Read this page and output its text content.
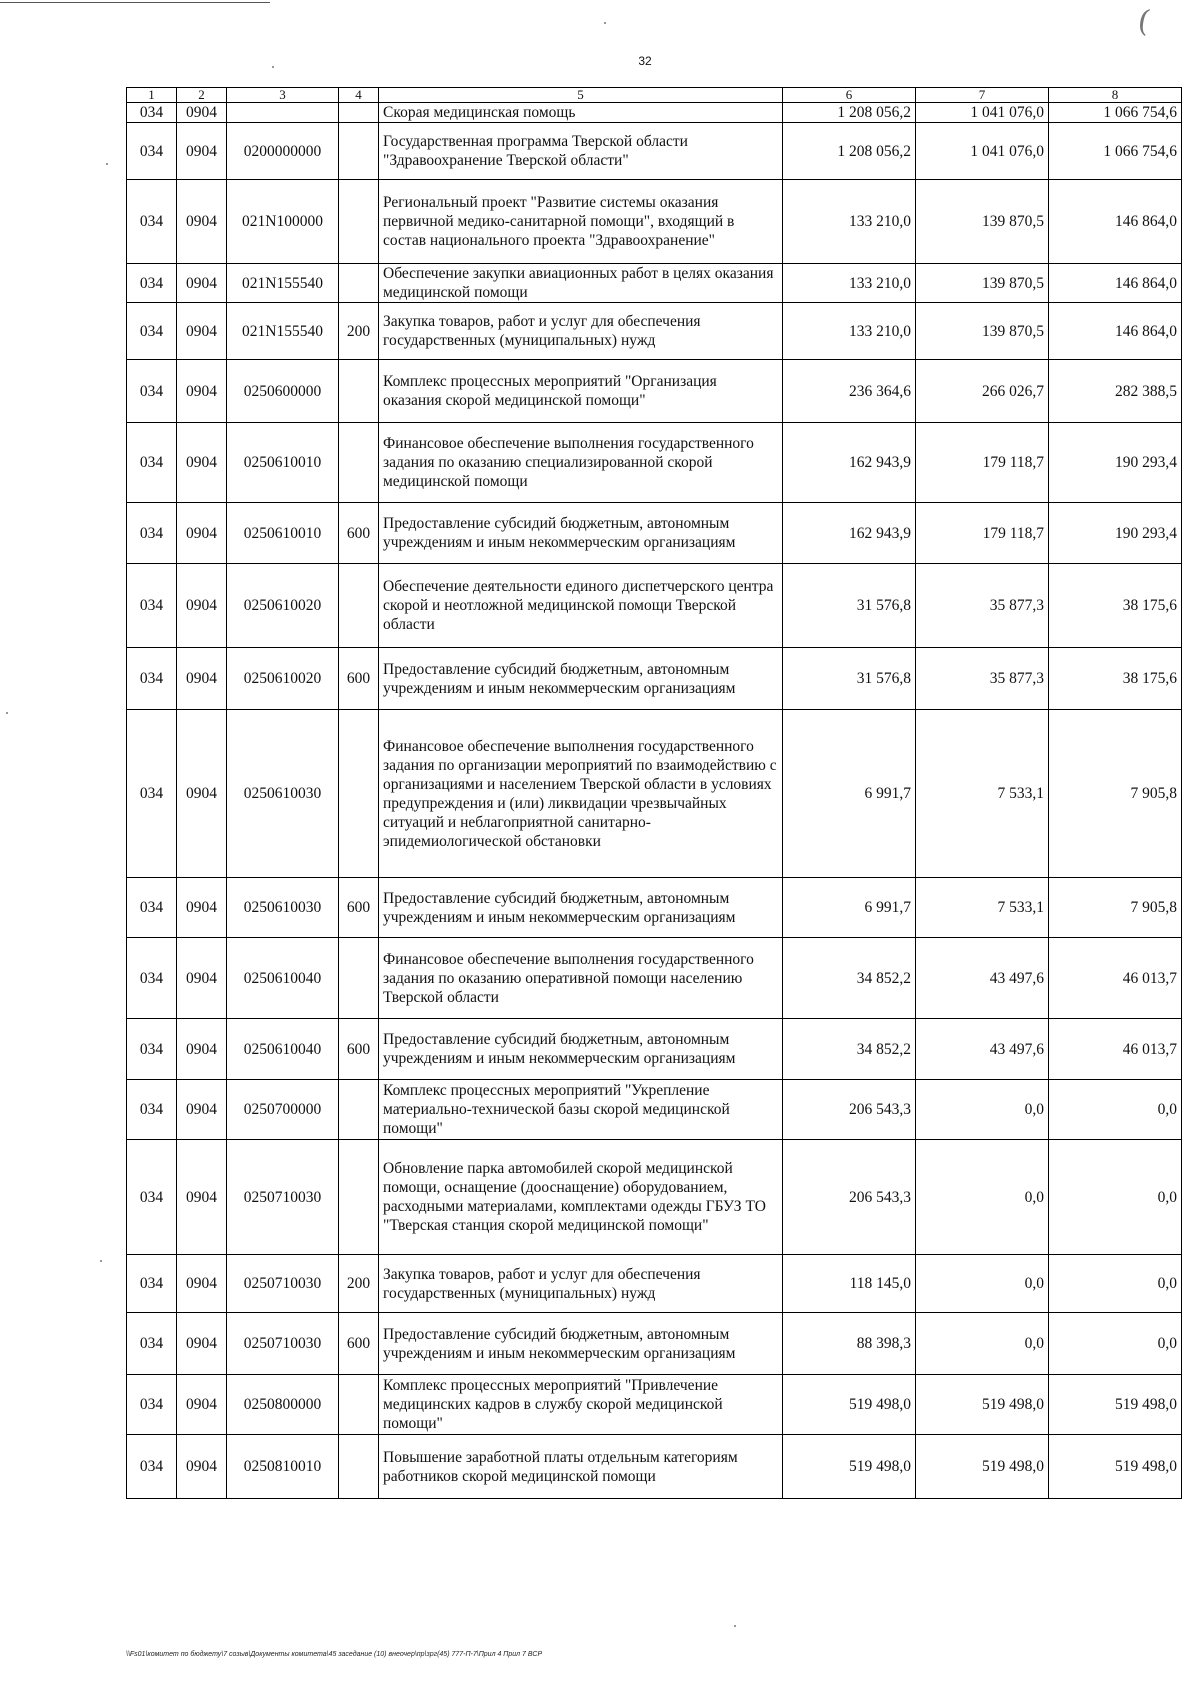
(
32
1	2	3	4	5	6	7	8
034	0904			Скорая медицинская помощь	1 208 056,2	1 041 076,0	1 066 754,6
034	0904	0200000000		Государственная программа Тверской области "Здравоохранение Тверской области"	1 208 056,2	1 041 076,0	1 066 754,6
034	0904	021N100000		Региональный проект "Развитие системы оказания первичной медико-санитарной помощи", входящий в состав национального проекта "Здравоохранение"	133 210,0	139 870,5	146 864,0
034	0904	021N155540		Обеспечение закупки авиационных работ в целях оказания медицинской помощи	133 210,0	139 870,5	146 864,0
034	0904	021N155540	200	Закупка товаров, работ и услуг для обеспечения государственных (муниципальных) нужд	133 210,0	139 870,5	146 864,0
034	0904	0250600000		Комплекс процессных мероприятий "Организация оказания скорой медицинской помощи"	236 364,6	266 026,7	282 388,5
034	0904	0250610010		Финансовое обеспечение выполнения государственного задания по оказанию специализированной скорой медицинской помощи	162 943,9	179 118,7	190 293,4
034	0904	0250610010	600	Предоставление субсидий бюджетным, автономным учреждениям и иным некоммерческим организациям	162 943,9	179 118,7	190 293,4
034	0904	0250610020		Обеспечение деятельности единого диспетчерского центра скорой и неотложной медицинской помощи Тверской области	31 576,8	35 877,3	38 175,6
034	0904	0250610020	600	Предоставление субсидий бюджетным, автономным учреждениям и иным некоммерческим организациям	31 576,8	35 877,3	38 175,6
034	0904	0250610030		Финансовое обеспечение выполнения государственного задания по организации мероприятий по взаимодействию с организациями и населением Тверской области в условиях предупреждения и (или) ликвидации чрезвычайных ситуаций и неблагоприятной санитарно-эпидемиологической обстановки	6 991,7	7 533,1	7 905,8
034	0904	0250610030	600	Предоставление субсидий бюджетным, автономным учреждениям и иным некоммерческим организациям	6 991,7	7 533,1	7 905,8
034	0904	0250610040		Финансовое обеспечение выполнения государственного задания по оказанию оперативной помощи населению Тверской области	34 852,2	43 497,6	46 013,7
034	0904	0250610040	600	Предоставление субсидий бюджетным, автономным учреждениям и иным некоммерческим организациям	34 852,2	43 497,6	46 013,7
034	0904	0250700000		Комплекс процессных мероприятий "Укрепление материально-технической базы скорой медицинской помощи"	206 543,3	0,0	0,0
034	0904	0250710030		Обновление парка автомобилей скорой медицинской помощи, оснащение (дооснащение) оборудованием, расходными материалами, комплектами одежды ГБУЗ ТО "Тверская станция скорой медицинской помощи"	206 543,3	0,0	0,0
034	0904	0250710030	200	Закупка товаров, работ и услуг для обеспечения государственных (муниципальных) нужд	118 145,0	0,0	0,0
034	0904	0250710030	600	Предоставление субсидий бюджетным, автономным учреждениям и иным некоммерческим организациям	88 398,3	0,0	0,0
034	0904	0250800000		Комплекс процессных мероприятий "Привлечение медицинских кадров в службу скорой медицинской помощи"	519 498,0	519 498,0	519 498,0
034	0904	0250810010		Повышение заработной платы отдельным категориям работников скорой медицинской помощи	519 498,0	519 498,0	519 498,0
\\Fs01\комитет по бюджету\7 созыв\Документы комитета\45 заседание (10) внеочер\пр\зрг(45) 777-П-7\Прил 4 Прил 7 ВСР
